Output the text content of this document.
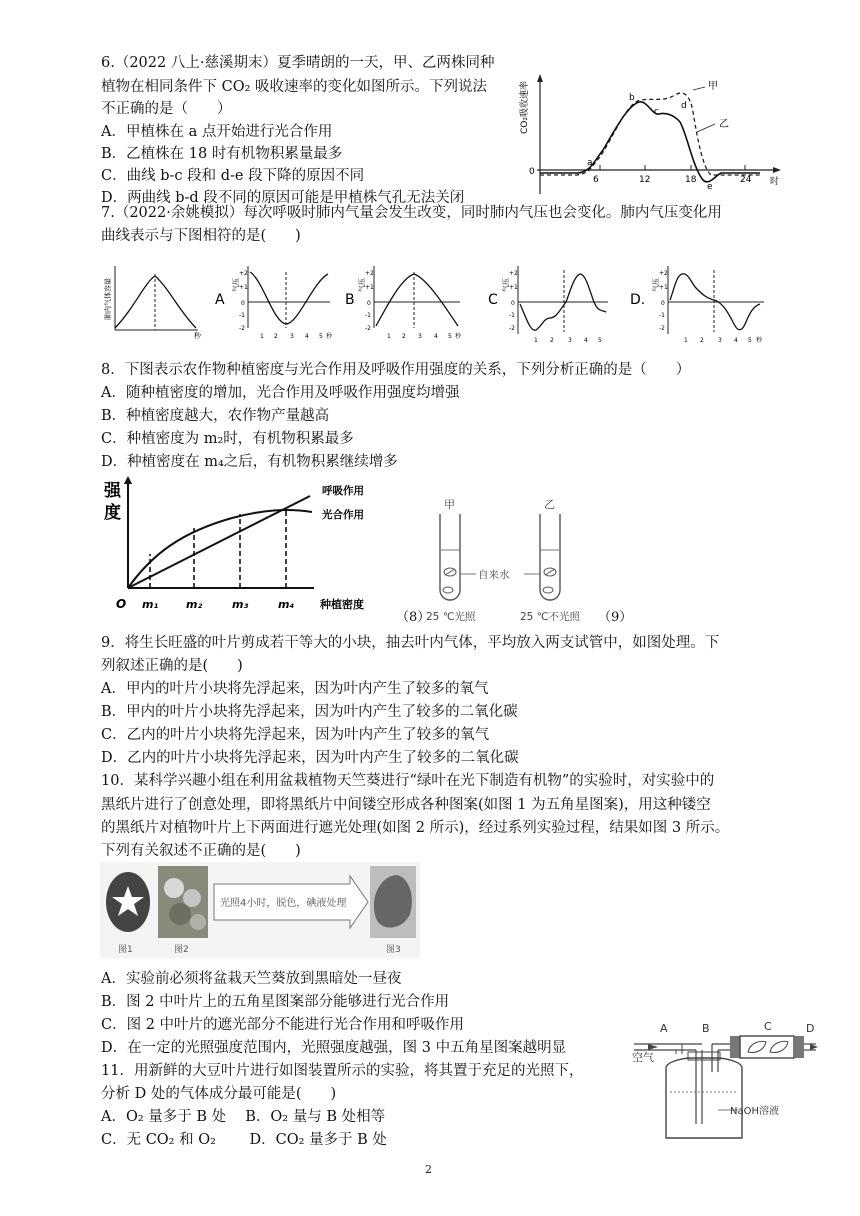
6.（2022 八上·慈溪期末）夏季晴朗的一天，甲、乙两株同种
植物在相同条件下 CO₂ 吸收速率的变化如图所示。下列说法
不正确的是（　　）
A．甲植株在 a 点开始进行光合作用
B．乙植株在 18 时有机物积累量最多
C．曲线 b-c 段和 d-e 段下降的原因不同
D．两曲线 b-d 段不同的原因可能是甲植株气孔无法关闭
CO₂吸收速率
0
6	12	18	24 时
甲
乙
a
b
c
d
e
7.（2022·余姚模拟）每次呼吸时肺内气量会发生改变，同时肺内气压也会变化。肺内气压变化用
曲线表示与下图相符的是(　　)
肺内气体容量
秒
A
气压
+2
+1
0
-1
-2
1 2 3 4 5 秒
B
气压
+2
+1
0
-1
-2
1 2 3 4 5 秒
C
气压
+2
+1
0
-1
-2
1 2 3 4 5
D.
气压
+2
+1
0
-1
-2
1 2 3 4 5 秒
8．下图表示农作物种植密度与光合作用及呼吸作用强度的关系，下列分析正确的是（　　）
A．随种植密度的增加，光合作用及呼吸作用强度均增强
B．种植密度越大，农作物产量越高
C．种植密度为 m₂时，有机物积累最多
D．种植密度在 m₄之后，有机物积累继续增多
强
度
O m₁	m₂	m₃	m₄ 种植密度
呼吸作用
光合作用
（8）
甲	乙
自来水
25 ℃光照	25 ℃不光照 （9）
9．将生长旺盛的叶片剪成若干等大的小块，抽去叶内气体，平均放入两支试管中，如图处理。下
列叙述正确的是(　　)
A．甲内的叶片小块将先浮起来，因为叶内产生了较多的氧气
B．甲内的叶片小块将先浮起来，因为叶内产生了较多的二氧化碳
C．乙内的叶片小块将先浮起来，因为叶内产生了较多的氧气
D．乙内的叶片小块将先浮起来，因为叶内产生了较多的二氧化碳
10．某科学兴趣小组在利用盆栽植物天竺葵进行“绿叶在光下制造有机物”的实验时，对实验中的
黑纸片进行了创意处理，即将黑纸片中间镂空形成各种图案(如图 1 为五角星图案)，用这种镂空
的黑纸片对植物叶片上下两面进行遮光处理(如图 2 所示)，经过系列实验过程，结果如图 3 所示。
下列有关叙述不正确的是(　　)
光照4小时，脱色，碘液处理
图1	图2	图3
A．实验前必须将盆栽天竺葵放到黑暗处一昼夜
B．图 2 中叶片上的五角星图案部分能够进行光合作用
C．图 2 中叶片的遮光部分不能进行光合作用和呼吸作用
D．在一定的光照强度范围内，光照强度越强，图 3 中五角星图案越明显
11．用新鲜的大豆叶片进行如图装置所示的实验，将其置于充足的光照下，
分析 D 处的气体成分最可能是(　　)
A．O₂ 量多于 B 处　 B．O₂ 量与 B 处相等
C．无 CO₂ 和 O₂　　 D．CO₂ 量多于 B 处
A
空气
NaOH溶液
B	C	D
2
